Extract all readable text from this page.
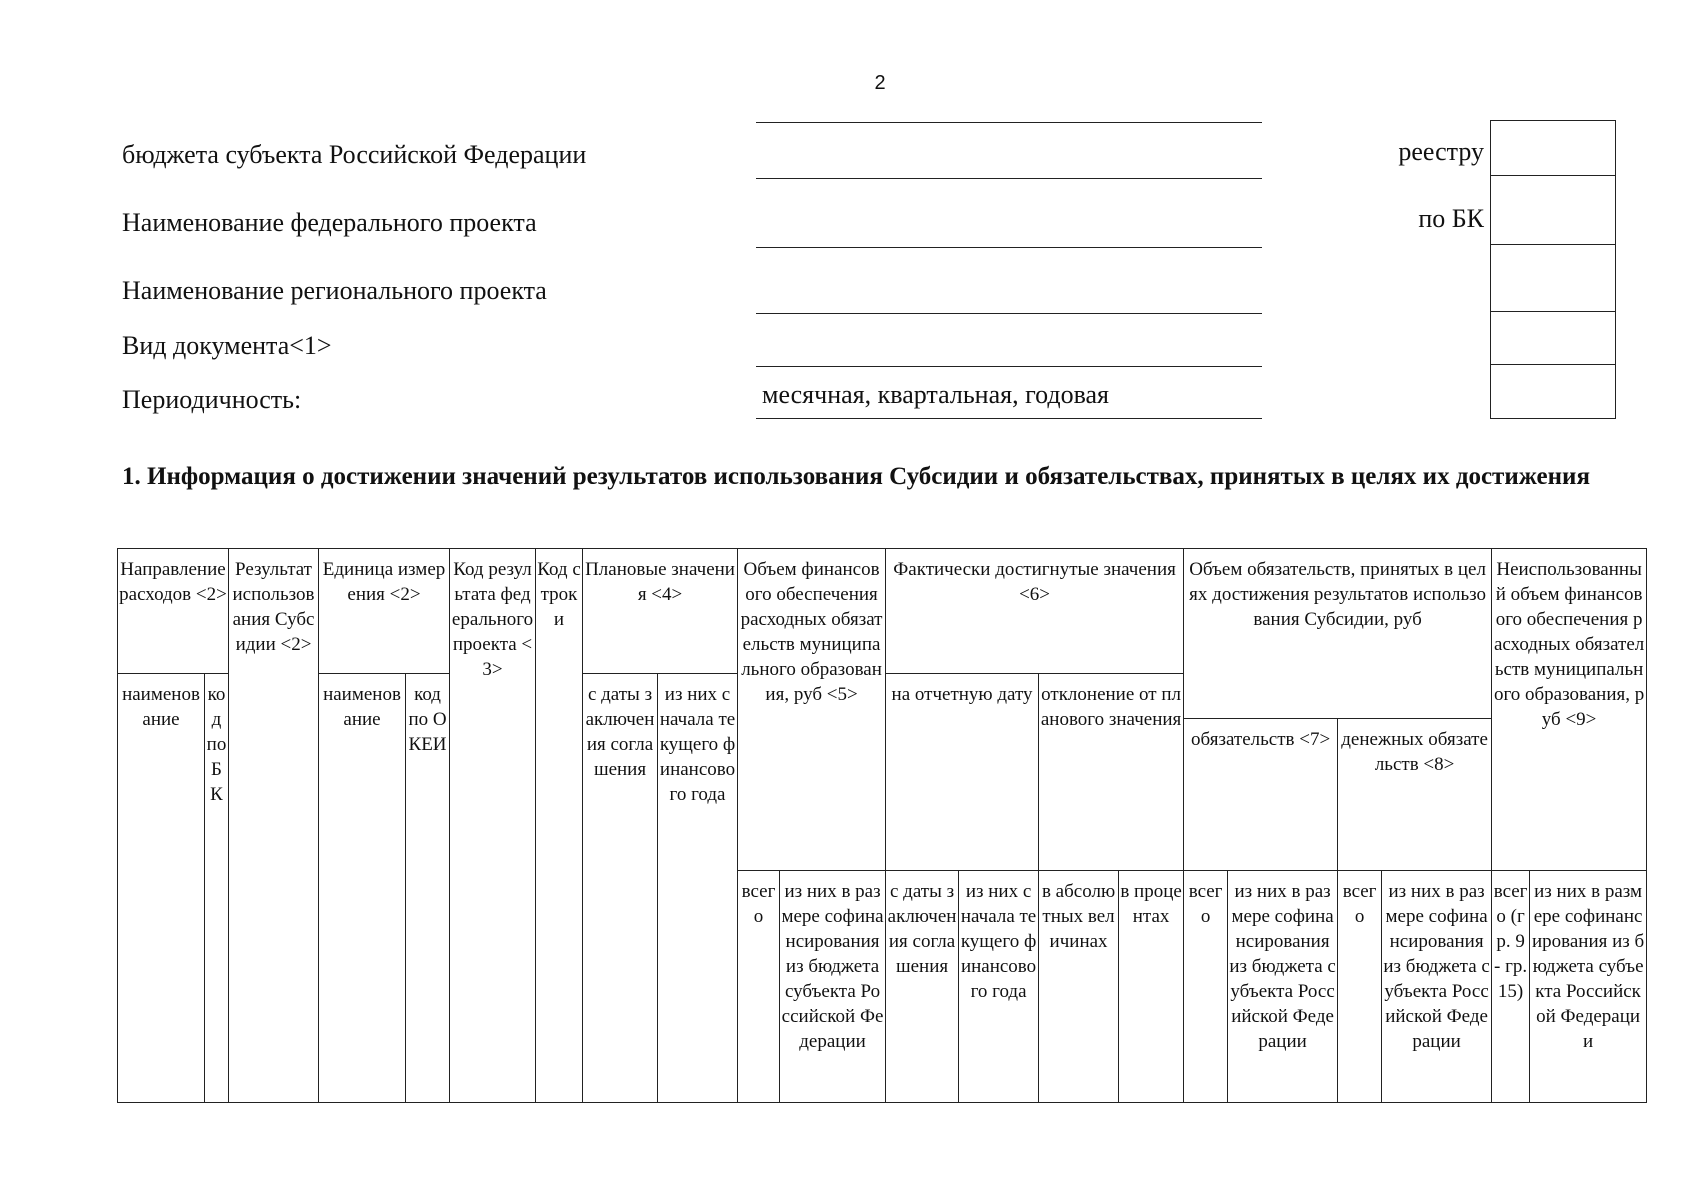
2
бюджета субъекта Российской Федерации
Наименование федерального проекта
Наименование регионального проекта
Вид документа<1>
Периодичность:	месячная, квартальная, годовая
реестру
по БК
1. Информация о достижении значений результатов использования Субсидии и обязательствах, принятых в целях их достижения
Направление расходов <2>		Результат использования Субсидии <2>	Единица измерения <2>		Код результата федерального проекта <3>	Код строки	Плановые значения <4>		Объем финансового обеспечения расходных обязательств муниципального образования, руб <5>		Фактически достигнутые значения <6>				Объем обязательств, принятых в целях достижения результатов использования Субсидии, руб				Неиспользованный объем финансового обеспечения расходных обязательств муниципального образования, руб <9>	
наименование	код по БК		наименование	код по ОКЕИ			с даты заключения соглашения	из них с начала текущего финансового года			на отчетную дату		отклонение от планового значения							
															обязательств <7>		денежных обязательств <8>			
									всего	из них в размере софинансирования из бюджета субъекта Российской Федерации	с даты заключения соглашения	из них с начала текущего финансового года	в абсолютных величинах	в процентах	всего	из них в размере софинансирования из бюджета субъекта Российской Федерации	всего	из них в размере софинансирования из бюджета субъекта Российской Федерации	всего (гр. 9 - гр. 15)	из них в размере софинансирования из бюджета субъекта Российской Федерации
